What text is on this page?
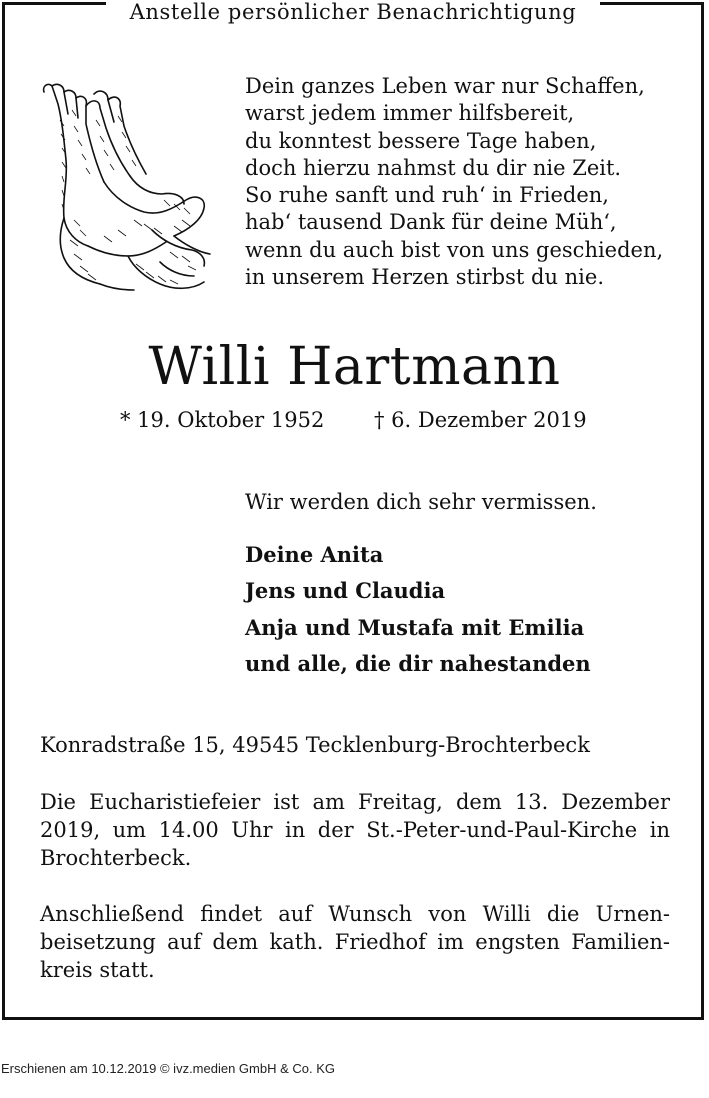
Anstelle persönlicher Benachrichtigung
Dein ganzes Leben war nur Schaffen,
warst jedem immer hilfsbereit,
du konntest bessere Tage haben,
doch hierzu nahmst du dir nie Zeit.
So ruhe sanft und ruh‘ in Frieden,
hab‘ tausend Dank für deine Müh‘,
wenn du auch bist von uns geschieden,
in unserem Herzen stirbst du nie.
Willi Hartmann
* 19. Oktober 1952 † 6. Dezember 2019
Wir werden dich sehr vermissen.
Deine Anita
Jens und Claudia
Anja und Mustafa mit Emilia
und alle, die dir nahestanden
Konradstraße 15, 49545 Tecklenburg-Brochterbeck
Die Eucharistiefeier ist am Freitag, dem 13. Dezember
2019, um 14.00 Uhr in der St.-Peter-und-Paul-Kirche in
Brochterbeck.
Anschließend findet auf Wunsch von Willi die Urnen-
beisetzung auf dem kath. Friedhof im engsten Familien-
kreis statt.
Erschienen am 10.12.2019 © ivz.medien GmbH & Co. KG
